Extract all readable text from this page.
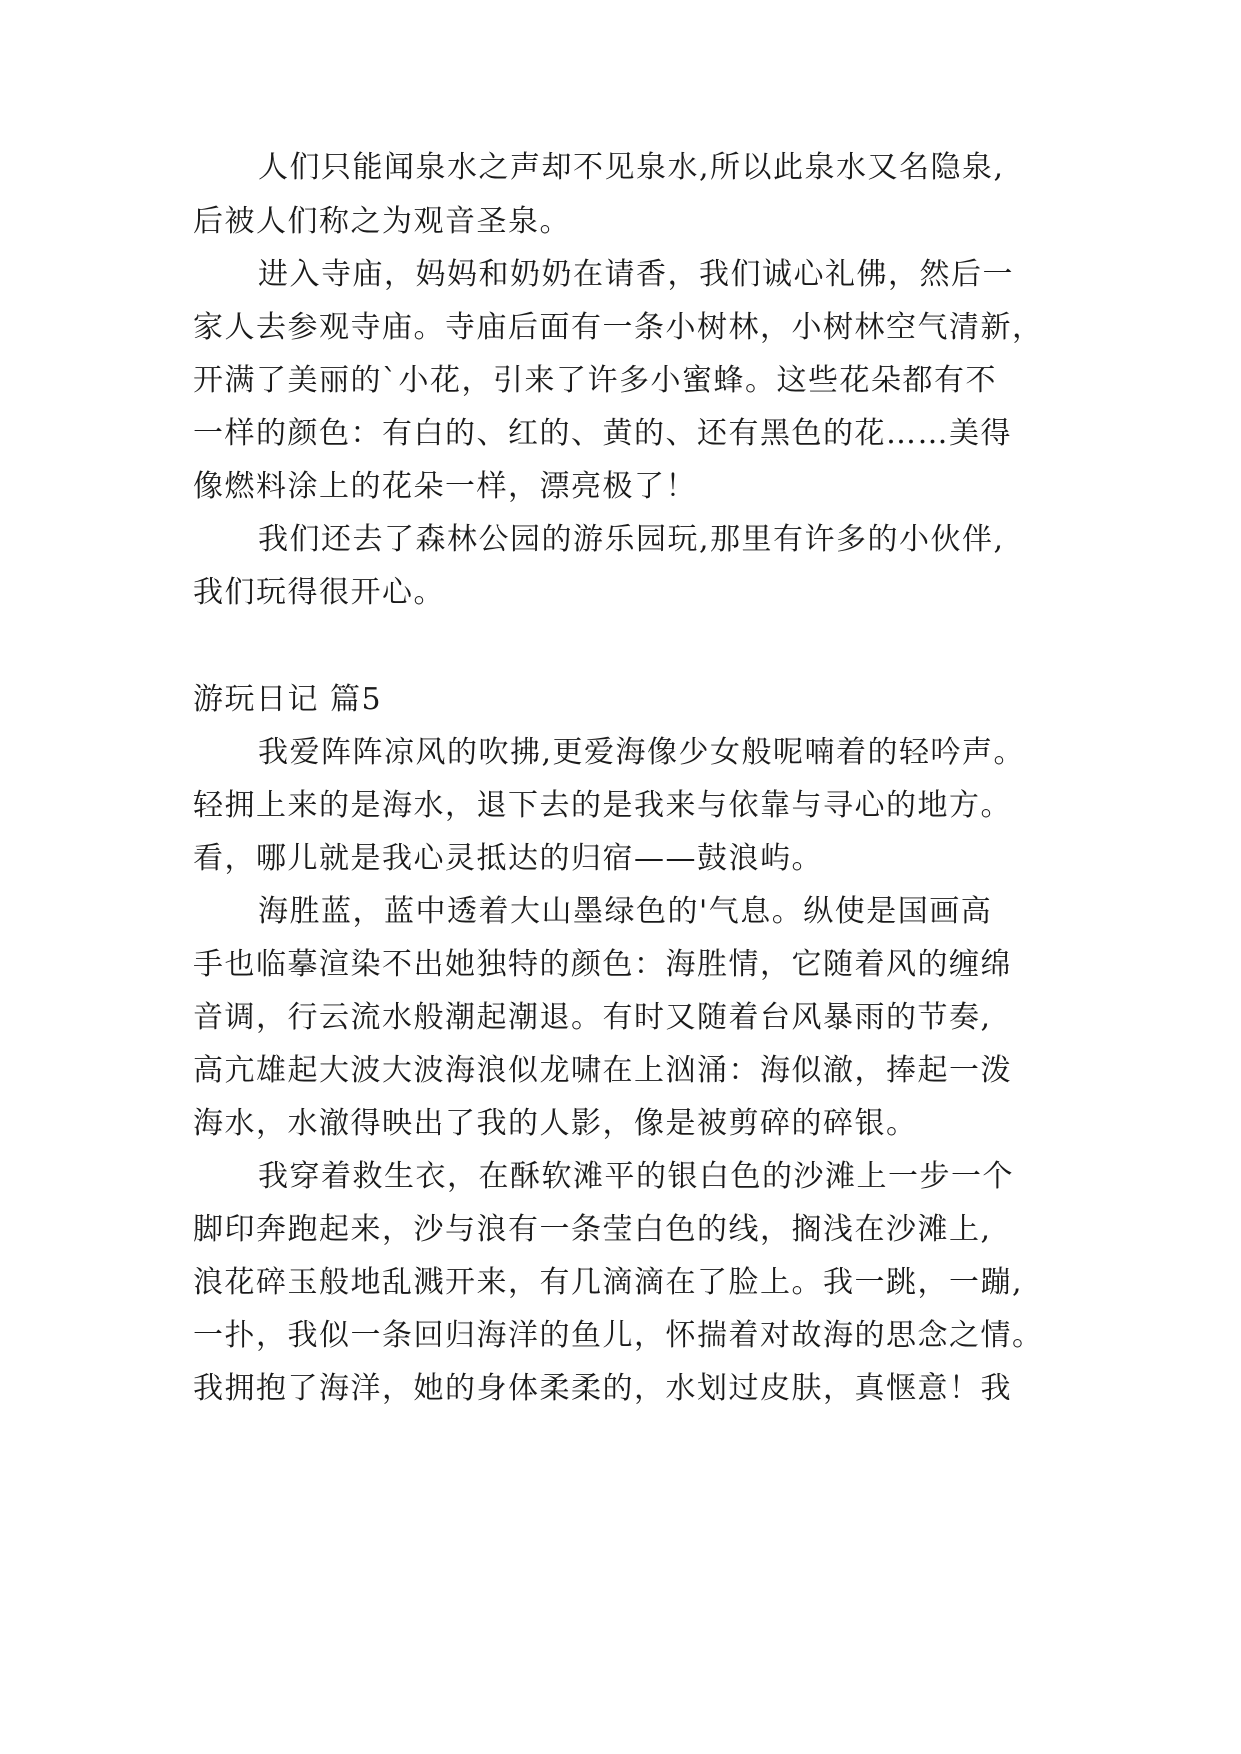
人们只能闻泉水之声却不见泉水,所以此泉水又名隐泉,
后被人们称之为观音圣泉。
进入寺庙，妈妈和奶奶在请香，我们诚心礼佛，然后一
家人去参观寺庙。寺庙后面有一条小树林，小树林空气清新，
开满了美丽的`小花，引来了许多小蜜蜂。这些花朵都有不
一样的颜色：有白的、红的、黄的、还有黑色的花……美得
像燃料涂上的花朵一样，漂亮极了！
我们还去了森林公园的游乐园玩,那里有许多的小伙伴,
我们玩得很开心。
游玩日记 篇5
我爱阵阵凉风的吹拂,更爱海像少女般呢喃着的轻吟声。
轻拥上来的是海水，退下去的是我来与依靠与寻心的地方。
看，哪儿就是我心灵抵达的归宿——鼓浪屿。
海胜蓝，蓝中透着大山墨绿色的'气息。纵使是国画高
手也临摹渲染不出她独特的颜色：海胜情，它随着风的缠绵
音调，行云流水般潮起潮退。有时又随着台风暴雨的节奏,
高亢雄起大波大波海浪似龙啸在上汹涌：海似澈，捧起一泼
海水，水澈得映出了我的人影，像是被剪碎的碎银。
我穿着救生衣，在酥软滩平的银白色的沙滩上一步一个
脚印奔跑起来，沙与浪有一条莹白色的线，搁浅在沙滩上,
浪花碎玉般地乱溅开来，有几滴滴在了脸上。我一跳，一蹦,
一扑，我似一条回归海洋的鱼儿，怀揣着对故海的思念之情。
我拥抱了海洋，她的身体柔柔的，水划过皮肤，真惬意！我
